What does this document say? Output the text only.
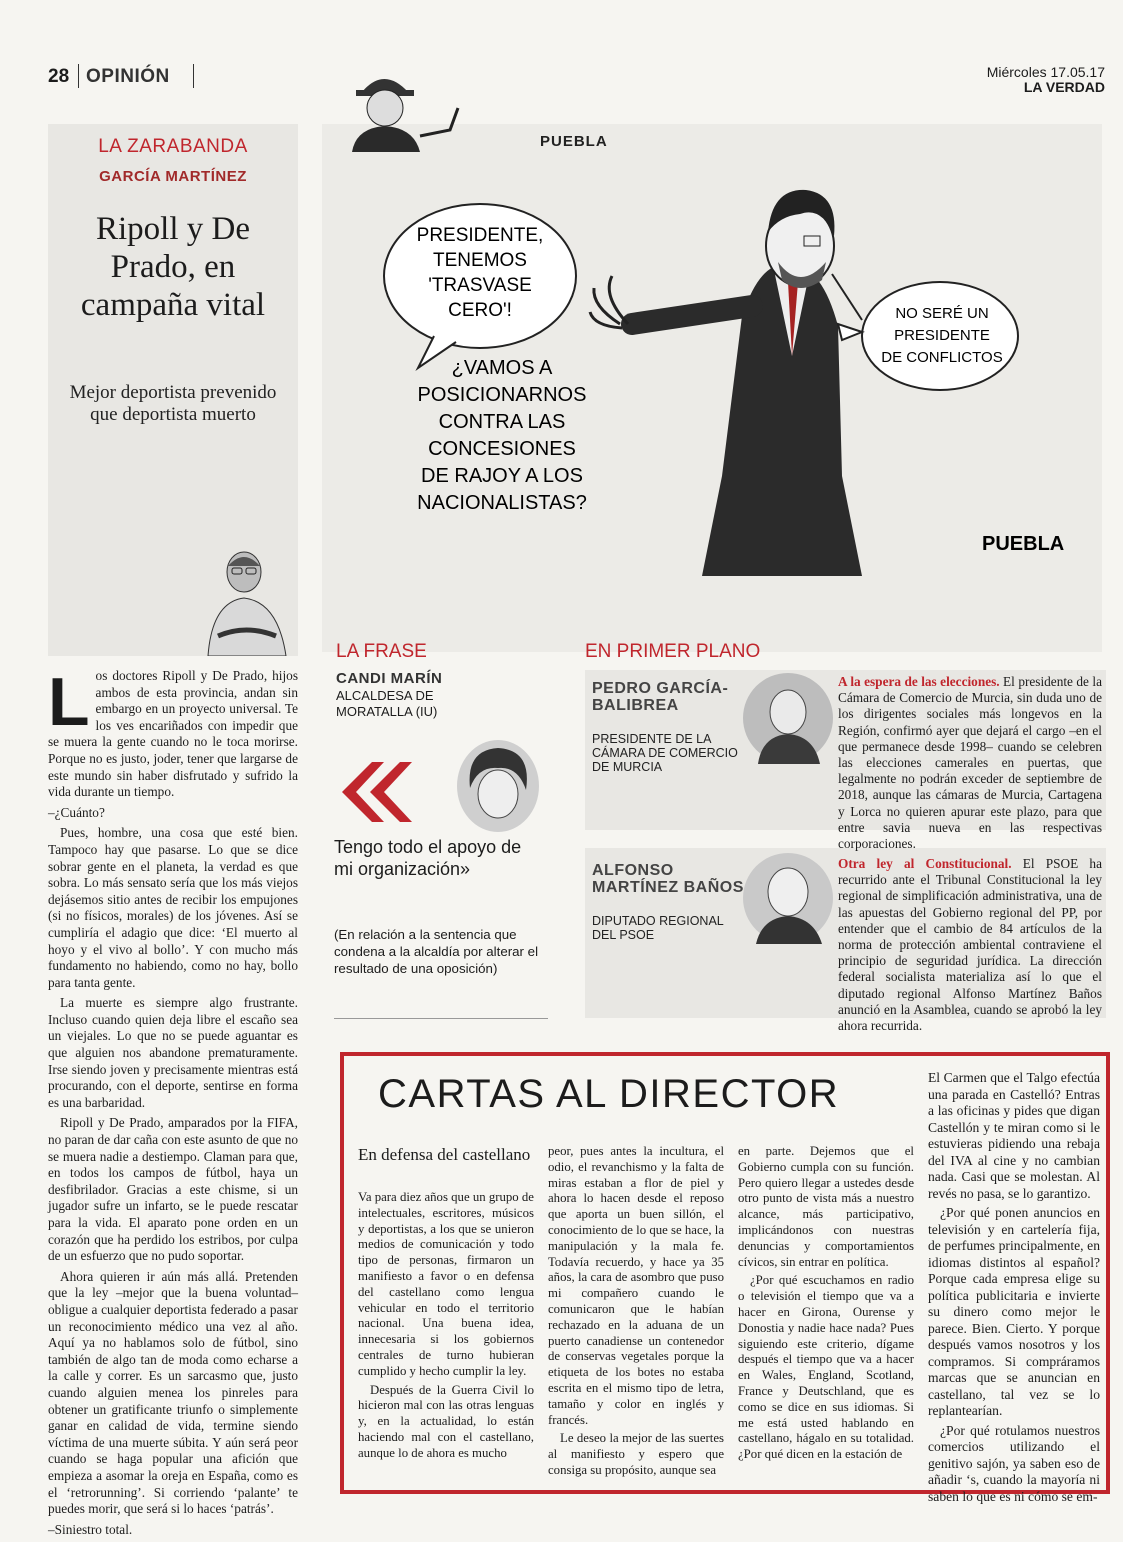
28 OPINIÓN	Miércoles 17.05.17
LA VERDAD
LA ZARABANDA
GARCÍA MARTÍNEZ
Ripoll y De Prado, en campaña vital
Mejor deportista prevenido que deportista muerto

Los doctores Ripoll y De Prado, hijos ambos de esta provincia, andan sin embargo en un proyecto universal. Te los ves encariñados con impedir que se muera la gente cuando no le toca morirse. Porque no es justo, joder, tener que largarse de este mundo sin haber disfrutado y sufrido la vida durante un tiempo.

–¿Cuánto?

Pues, hombre, una cosa que esté bien. Tampoco hay que pasarse. Lo que se dice sobrar gente en el planeta, la verdad es que sobra. Lo más sensato sería que los más viejos dejásemos sitio antes de recibir los empujones (si no físicos, morales) de los jóvenes. Así se cumpliría el adagio que dice: ‘El muerto al hoyo y el vivo al bollo’. Y con mucho más fundamento no habiendo, como no hay, bollo para tanta gente.

La muerte es siempre algo frustrante. Incluso cuando quien deja libre el escaño sea un viejales. Lo que no se puede aguantar es que alguien nos abandone prematuramente. Irse siendo joven y precisamente mientras está procurando, con el deporte, sentirse en forma es una barbaridad.

Ripoll y De Prado, amparados por la FIFA, no paran de dar caña con este asunto de que no se muera nadie a destiempo. Claman para que, en todos los campos de fútbol, haya un desfibrilador. Gracias a este chisme, si un jugador sufre un infarto, se le puede rescatar para la vida. El aparato pone orden en un corazón que ha perdido los estribos, por culpa de un esfuerzo que no pudo soportar.

Ahora quieren ir aún más allá. Pretenden que la ley –mejor que la buena voluntad– obligue a cualquier deportista federado a pasar un reconocimiento médico una vez al año. Aquí ya no hablamos solo de fútbol, sino también de algo tan de moda como echarse a la calle y correr. Es un sarcasmo que, justo cuando alguien menea los pinreles para obtener un gratificante triunfo o simplemente ganar en calidad de vida, termine siendo víctima de una muerte súbita. Y aún será peor cuando se haga popular una afición que empieza a asomar la oreja en España, como es el ‘retrorunning’. Si corriendo ‘palante’ te puedes morir, que será si lo haces ‘patrás’.

–Siniestro total.

PRESIDENTE,
TENEMOS
'TRASVASE
CERO'!
¿VAMOS A
POSICIONARNOS
CONTRA LAS
CONCESIONES
DE RAJOY A LOS
NACIONALISTAS?
NO SERÉ UN
PRESIDENTE
DE CONFLICTOS
PUEBLA
PUEBLA
LA FRASE
CANDI MARÍN
ALCALDESA DE MORATALLA (IU)
Tengo todo el apoyo de mi organización»
(En relación a la sentencia que condena a la alcaldía por alterar el resultado de una oposición)
EN PRIMER PLANO
PEDRO GARCÍA-BALIBREA
PRESIDENTE DE LA CÁMARA DE COMERCIO DE MURCIA
A la espera de las elecciones. El presidente de la Cámara de Comercio de Murcia, sin duda uno de los dirigentes sociales más longevos en la Región, confirmó ayer que dejará el cargo –en el que permanece desde 1998– cuando se celebren las elecciones camerales en puertas, que legalmente no podrán exceder de septiembre de 2018, aunque las cámaras de Murcia, Cartagena y Lorca no quieren apurar este plazo, para que entre savia nueva en las respectivas corporaciones.
ALFONSO MARTÍNEZ BAÑOS
DIPUTADO REGIONAL DEL PSOE
Otra ley al Constitucional. El PSOE ha recurrido ante el Tribunal Constitucional la ley regional de simplificación administrativa, una de las apuestas del Gobierno regional del PP, por entender que el cambio de 84 artículos de la norma de protección ambiental contraviene el principio de seguridad jurídica. La dirección federal socialista materializa así lo que el diputado regional Alfonso Martínez Baños anunció en la Asamblea, cuando se aprobó la ley ahora recurrida.
CARTAS AL DIRECTOR
En defensa del castellano

Va para diez años que un grupo de intelectuales, escritores, músicos y deportistas, a los que se unieron medios de comunicación y todo tipo de personas, firmaron un manifiesto a favor o en defensa del castellano como lengua vehicular en todo el territorio nacional. Una buena idea, innecesaria si los gobiernos centrales de turno hubieran cumplido y hecho cumplir la ley.

Después de la Guerra Civil lo hicieron mal con las otras lenguas y, en la actualidad, lo están haciendo mal con el castellano, aunque lo de ahora es mucho

peor, pues antes la incultura, el odio, el revanchismo y la falta de miras estaban a flor de piel y ahora lo hacen desde el reposo que aporta un buen sillón, el conocimiento de lo que se hace, la manipulación y la mala fe. Todavía recuerdo, y hace ya 35 años, la cara de asombro que puso mi compañero cuando le comunicaron que le habían rechazado en la aduana de un puerto canadiense un contenedor de conservas vegetales porque la etiqueta de los botes no estaba escrita en el mismo tipo de letra, tamaño y color en inglés y francés.

Le deseo la mejor de las suertes al manifiesto y espero que consiga su propósito, aunque sea

en parte. Dejemos que el Gobierno cumpla con su función. Pero quiero llegar a ustedes desde otro punto de vista más a nuestro alcance, más participativo, implicándonos con nuestras denuncias y comportamientos cívicos, sin entrar en política.

¿Por qué escuchamos en radio o televisión el tiempo que va a hacer en Girona, Ourense y Donostia y nadie hace nada? Pues siguiendo este criterio, dígame después el tiempo que va a hacer en Wales, England, Scotland, France y Deutschland, que es como se dice en sus idiomas. Si me está usted hablando en castellano, hágalo en su totalidad. ¿Por qué dicen en la estación de

El Carmen que el Talgo efectúa una parada en Castelló? Entras a las oficinas y pides que digan Castellón y te miran como si le estuvieras pidiendo una rebaja del IVA al cine y no cambian nada. Casi que se molestan. Al revés no pasa, se lo garantizo.

¿Por qué ponen anuncios en televisión y en cartelería fija, de perfumes principalmente, en idiomas distintos al español? Porque cada empresa elige su política publicitaria e invierte su dinero como mejor le parece. Bien. Cierto. Y porque después vamos nosotros y los compramos. Si compráramos marcas que se anuncian en castellano, tal vez se lo replantearían.

¿Por qué rotulamos nuestros comercios utilizando el genitivo sajón, ya saben eso de añadir ‘s, cuando la mayoría ni saben lo que es ni cómo se em-
